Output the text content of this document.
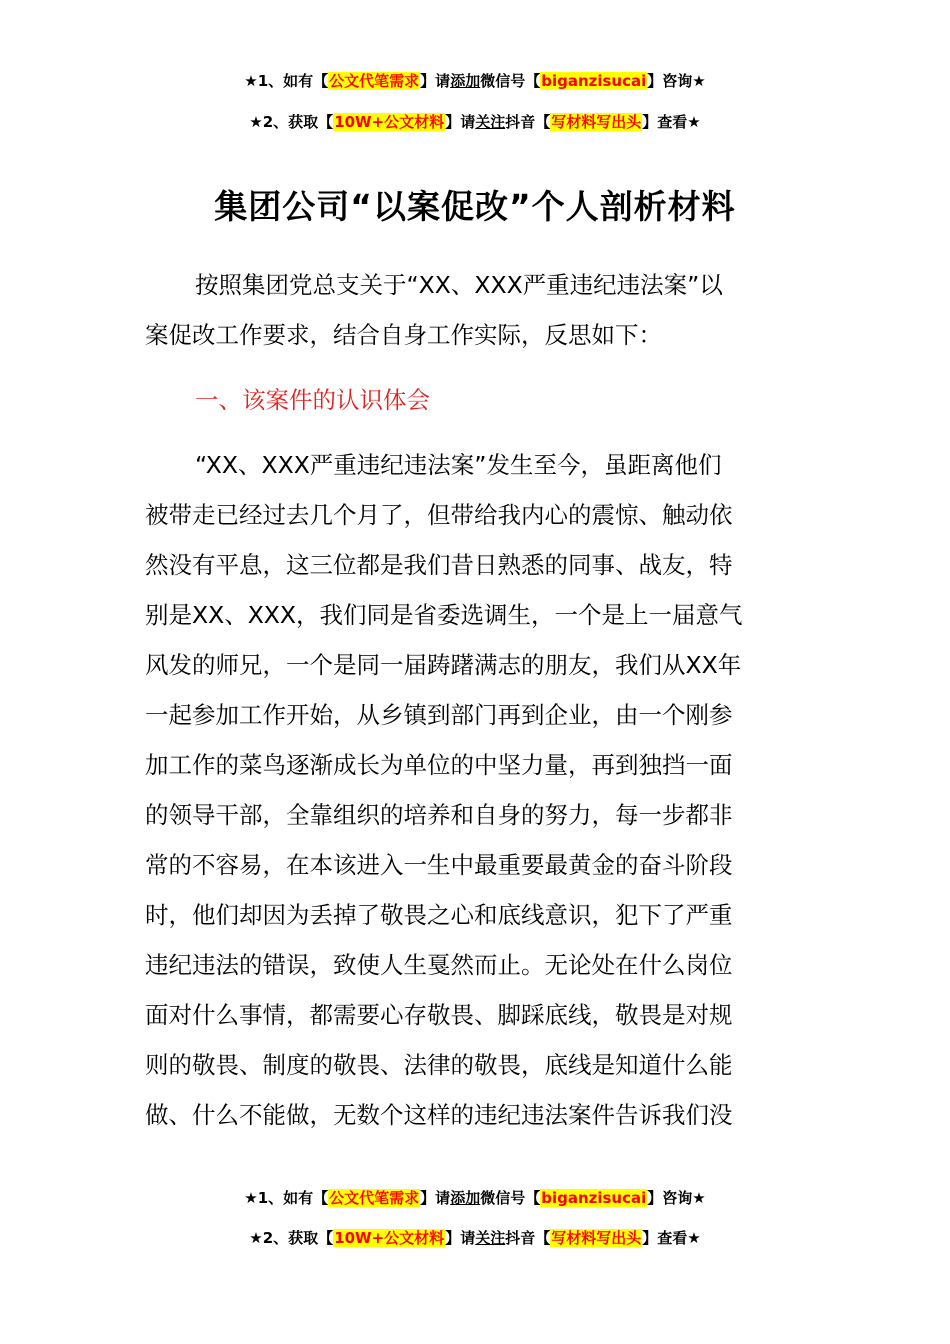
★1、如有【公文代笔需求】请添加微信号【biganzisucai】咨询★
★2、获取【10W+公文材料】请关注抖音【写材料写出头】查看★
集团公司“以案促改”个人剖析材料
按照集团党总支关于“XX、XXX严重违纪违法案”以
案促改工作要求，结合自身工作实际，反思如下：
一、该案件的认识体会
“XX、XXX严重违纪违法案”发生至今，虽距离他们
被带走已经过去几个月了，但带给我内心的震惊、触动依
然没有平息，这三位都是我们昔日熟悉的同事、战友，特
别是XX、XXX，我们同是省委选调生，一个是上一届意气
风发的师兄，一个是同一届踌躇满志的朋友，我们从XX年
一起参加工作开始，从乡镇到部门再到企业，由一个刚参
加工作的菜鸟逐渐成长为单位的中坚力量，再到独挡一面
的领导干部，全靠组织的培养和自身的努力，每一步都非
常的不容易，在本该进入一生中最重要最黄金的奋斗阶段
时，他们却因为丢掉了敬畏之心和底线意识，犯下了严重
违纪违法的错误，致使人生戛然而止。无论处在什么岗位
面对什么事情，都需要心存敬畏、脚踩底线，敬畏是对规
则的敬畏、制度的敬畏、法律的敬畏，底线是知道什么能
做、什么不能做，无数个这样的违纪违法案件告诉我们没
★1、如有【公文代笔需求】请添加微信号【biganzisucai】咨询★
★2、获取【10W+公文材料】请关注抖音【写材料写出头】查看★
